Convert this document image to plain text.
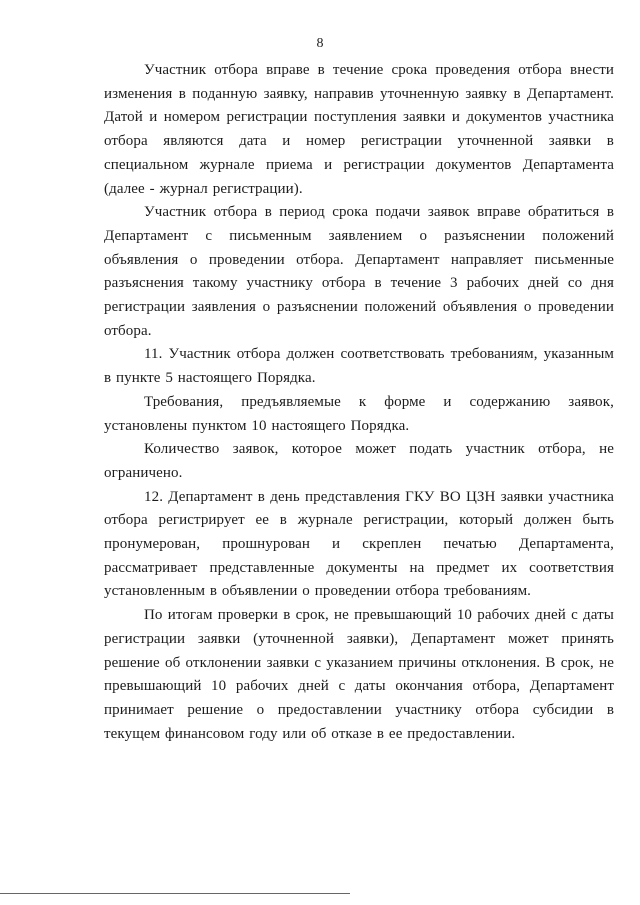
8

Участник отбора вправе в течение срока проведения отбора внести изменения в поданную заявку, направив уточненную заявку в Департамент. Датой и номером регистрации поступления заявки и документов участника отбора являются дата и номер регистрации уточненной заявки в специальном журнале приема и регистрации документов Департамента (далее - журнал регистрации).

Участник отбора в период срока подачи заявок вправе обратиться в Департамент с письменным заявлением о разъяснении положений объявления о проведении отбора. Департамент направляет письменные разъяснения такому участнику отбора в течение 3 рабочих дней со дня регистрации заявления о разъяснении положений объявления о проведении отбора.

11. Участник отбора должен соответствовать требованиям, указанным в пункте 5 настоящего Порядка.

Требования, предъявляемые к форме и содержанию заявок, установлены пунктом 10 настоящего Порядка.

Количество заявок, которое может подать участник отбора, не ограничено.

12. Департамент в день представления ГКУ ВО ЦЗН заявки участника отбора регистрирует ее в журнале регистрации, который должен быть пронумерован, прошнурован и скреплен печатью Департамента, рассматривает представленные документы на предмет их соответствия установленным в объявлении о проведении отбора требованиям.

По итогам проверки в срок, не превышающий 10 рабочих дней с даты регистрации заявки (уточненной заявки), Департамент может принять решение об отклонении заявки с указанием причины отклонения. В срок, не превышающий 10 рабочих дней с даты окончания отбора, Департамент принимает решение о предоставлении участнику отбора субсидии в текущем финансовом году или об отказе в ее предоставлении.
